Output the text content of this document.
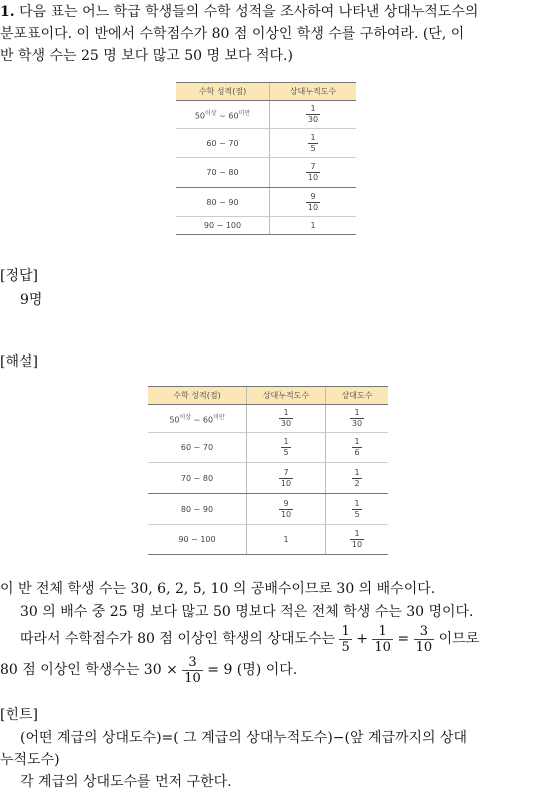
1. 다음 표는 어느 학급 학생들의 수학 성적을 조사하여 나타낸 상대누적도수의
분포표이다. 이 반에서 수학점수가 80 점 이상인 학생 수를 구하여라. (단, 이
반 학생 수는 25 명 보다 많고 50 명 보다 적다.)
수학 성적(점)	상대누적도수
$50^{이상}$ ~ $60^{미만}$	$\frac{1}{30}$

60 ~ 70	$\frac{1}{5}$

70 ~ 80	$\frac{7}{10}$

80 ~ 90	$\frac{9}{10}$

90 ~ 100	1
[정답]
9명
[해설]
수학 성적(점)	상대누적도수	상대도수
$50^{이상}$ ~ $60^{미만}$	$\frac{1}{30}$	$\frac{1}{30}$

60 ~ 70	$\frac{1}{5}$	$\frac{1}{6}$

70 ~ 80	$\frac{7}{10}$	$\frac{1}{2}$

80 ~ 90	$\frac{9}{10}$	$\frac{1}{5}$

90 ~ 100	1	$\frac{1}{10}$
이 반 전체 학생 수는 30, 6, 2, 5, 10 의 공배수이므로 30 의 배수이다.
30 의 배수 중 25 명 보다 많고 50 명보다 적은 전체 학생 수는 30 명이다.
따라서 수학점수가 80 점 이상인 학생의 상대도수는 $\frac{1}{5} + \frac{1}{10} = \frac{3}{10}$ 이므로
80 점 이상인 학생수는 $30 \times \frac{3}{10} = 9$ (명) 이다.
[힌트]
(어떤 계급의 상대도수)=( 그 계급의 상대누적도수)−(앞 계급까지의 상대
누적도수)
각 계급의 상대도수를 먼저 구한다.
